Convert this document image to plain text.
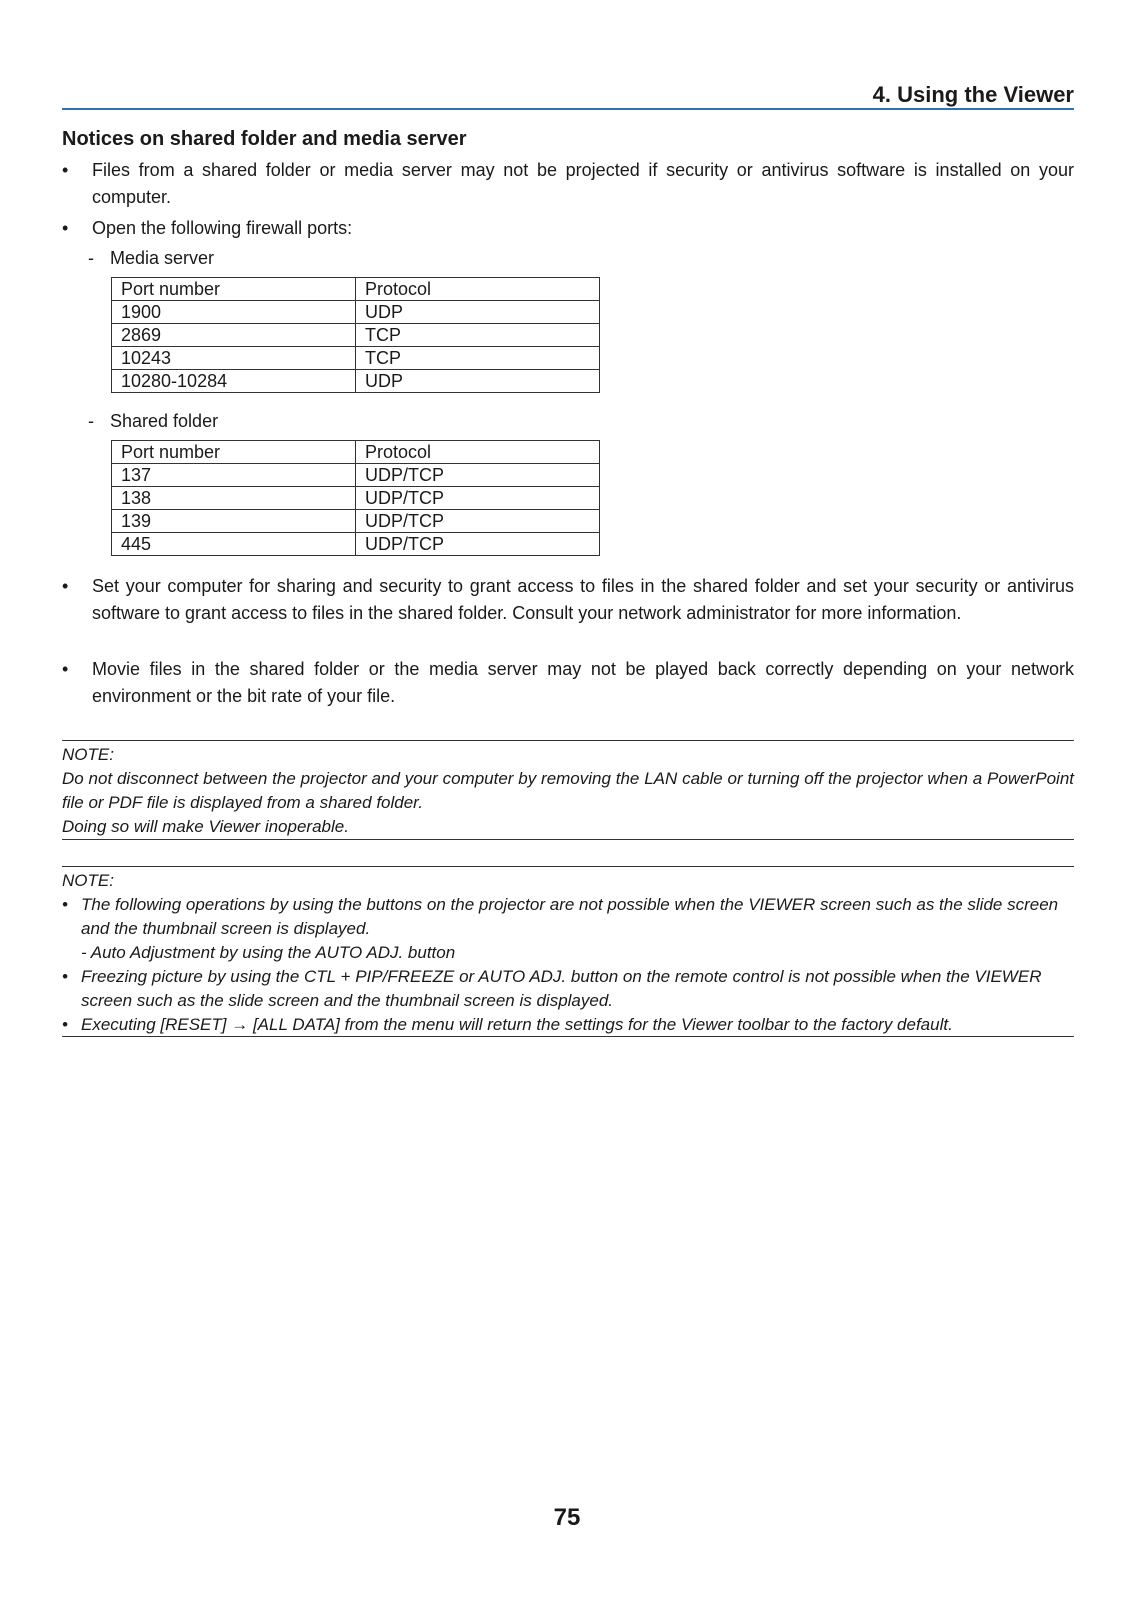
4. Using the Viewer
Notices on shared folder and media server
• Files from a shared folder or media server may not be projected if security or antivirus software is installed on your computer.
• Open the following firewall ports:
- Media server
Port number	Protocol
1900	UDP
2869	TCP
10243	TCP
10280-10284	UDP
- Shared folder
Port number	Protocol
137	UDP/TCP
138	UDP/TCP
139	UDP/TCP
445	UDP/TCP
• Set your computer for sharing and security to grant access to files in the shared folder and set your security or antivirus software to grant access to files in the shared folder. Consult your network administrator for more information.
• Movie files in the shared folder or the media server may not be played back correctly depending on your network environment or the bit rate of your file.

NOTE:

Do not disconnect between the projector and your computer by removing the LAN cable or turning off the projector when a PowerPoint file or PDF file is displayed from a shared folder.

Doing so will make Viewer inoperable.

NOTE:

• The following operations by using the buttons on the projector are not possible when the VIEWER screen such as the slide screen and the thumbnail screen is displayed.

- Auto Adjustment by using the AUTO ADJ. button

• Freezing picture by using the CTL + PIP/FREEZE or AUTO ADJ. button on the remote control is not possible when the VIEWER screen such as the slide screen and the thumbnail screen is displayed.

• Executing [RESET] → [ALL DATA] from the menu will return the settings for the Viewer toolbar to the factory default.

75
